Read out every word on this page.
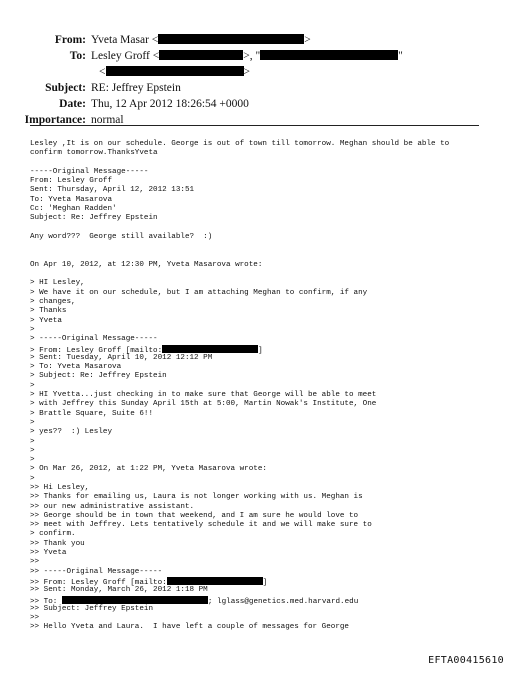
From: Yveta Masar <	>
To: Lesley Groff <	>, "	"
<	>
Subject: RE: Jeffrey Epstein
Date: Thu, 12 Apr 2012 18:26:54 +0000
Importance: normal
Lesley ,It is on our schedule. George is out of town till tomorrow. Meghan should be able to
confirm tomorrow.ThanksYveta
-----Original Message-----
From: Lesley Groff
Sent: Thursday, April 12, 2012 13:51
To: Yveta Masarova
Cc: 'Meghan Radden'
Subject: Re: Jeffrey Epstein
Any word???  George still available?  :)
On Apr 10, 2012, at 12:30 PM, Yveta Masarova wrote:
> HI Lesley,
> We have it on our schedule, but I am attaching Meghan to confirm, if any
> changes,
> Thanks
> Yveta
>
> -----Original Message-----
> From: Lesley Groff [mailto:	]
> Sent: Tuesday, April 10, 2012 12:12 PM
> To: Yveta Masarova
> Subject: Re: Jeffrey Epstein
>
> HI Yvetta...just checking in to make sure that George will be able to meet
> with Jeffrey this Sunday April 15th at 5:00, Martin Nowak's Institute, One
> Brattle Square, Suite 6!!
>
> yes??  :) Lesley
>
>
>
> On Mar 26, 2012, at 1:22 PM, Yveta Masarova wrote:
>
>> Hi Lesley,
>> Thanks for emailing us, Laura is not longer working with us. Meghan is
>> our new administrative assistant.
>> George should be in town that weekend, and I am sure he would love to
>> meet with Jeffrey. Lets tentatively schedule it and we will make sure to
> confirm.
>> Thank you
>> Yveta
>>
>> -----Original Message-----
>> From: Lesley Groff [mailto:	]
>> Sent: Monday, March 26, 2012 1:18 PM
>> To:	; lglass@genetics.med.harvard.edu
>> Subject: Jeffrey Epstein
>>
>> Hello Yveta and Laura.  I have left a couple of messages for George
EFTA00415610
